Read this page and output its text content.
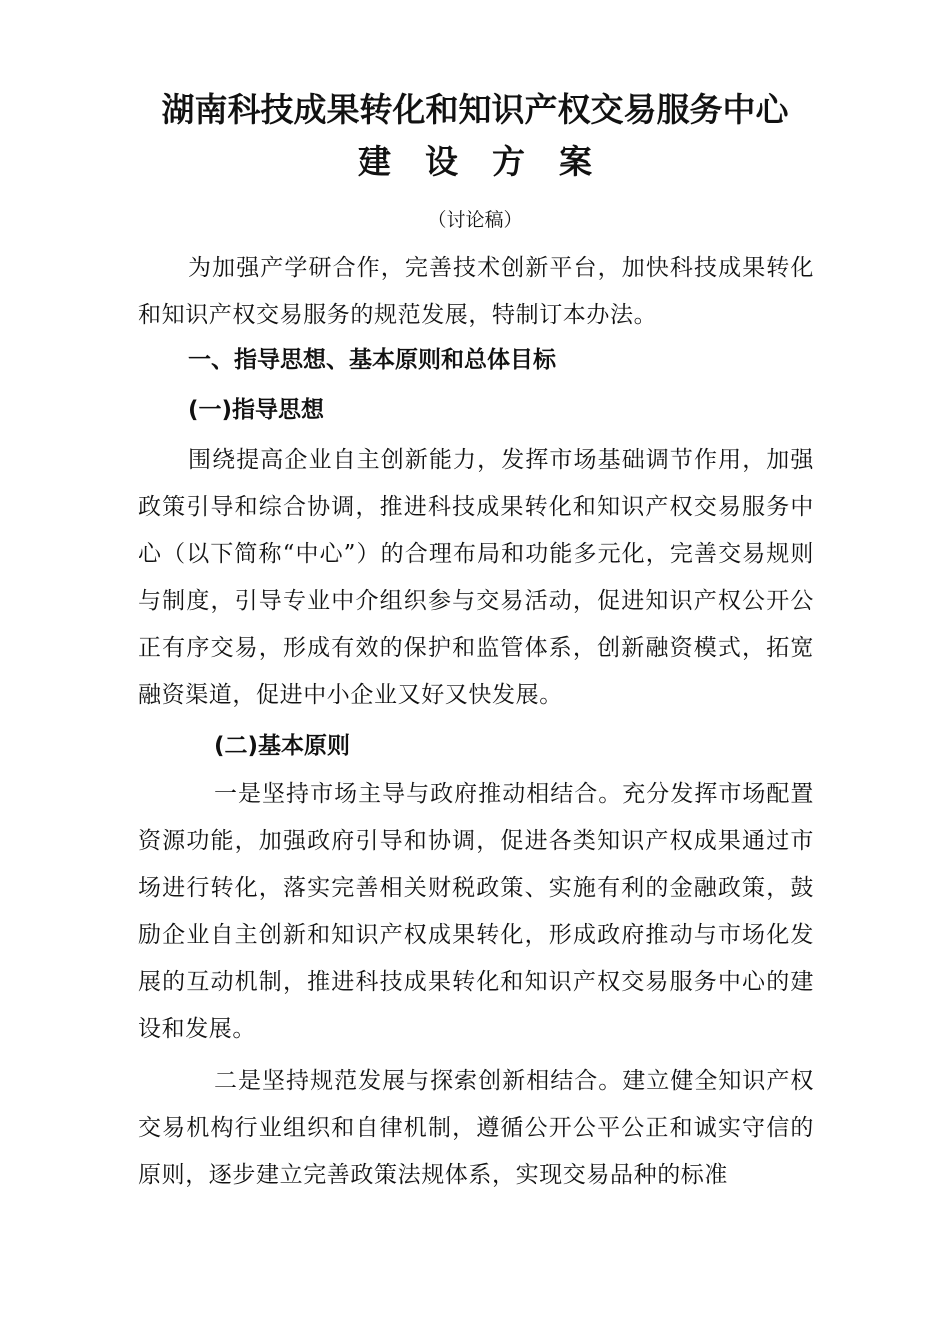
湖南科技成果转化和知识产权交易服务中心
建设方案
（讨论稿）

为加强产学研合作，完善技术创新平台，加快科技成果转化和知识产权交易服务的规范发展，特制订本办法。

一、指导思想、基本原则和总体目标
(一)指导思想

围绕提高企业自主创新能力，发挥市场基础调节作用，加强政策引导和综合协调，推进科技成果转化和知识产权交易服务中心（以下简称“中心”）的合理布局和功能多元化，完善交易规则与制度，引导专业中介组织参与交易活动，促进知识产权公开公正有序交易，形成有效的保护和监管体系，创新融资模式，拓宽融资渠道，促进中小企业又好又快发展。

(二)基本原则

一是坚持市场主导与政府推动相结合。充分发挥市场配置资源功能，加强政府引导和协调，促进各类知识产权成果通过市场进行转化，落实完善相关财税政策、实施有利的金融政策，鼓励企业自主创新和知识产权成果转化，形成政府推动与市场化发展的互动机制，推进科技成果转化和知识产权交易服务中心的建设和发展。

二是坚持规范发展与探索创新相结合。建立健全知识产权交易机构行业组织和自律机制，遵循公开公平公正和诚实守信的原则，逐步建立完善政策法规体系，实现交易品种的标准
